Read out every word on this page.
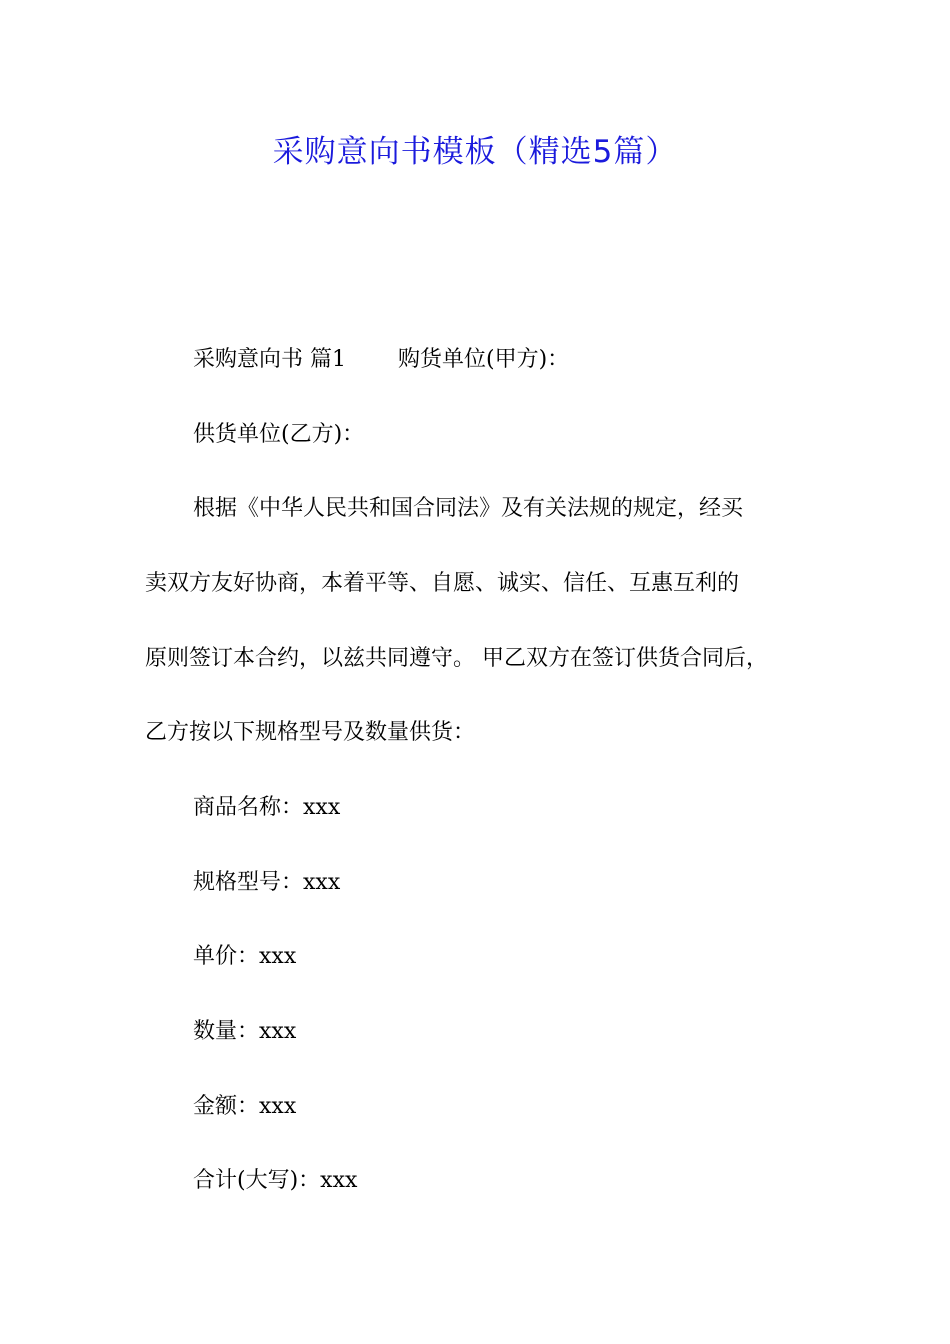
采购意向书模板（精选5篇）

采购意向书 篇1 购货单位(甲方)：

供货单位(乙方)：

根据《中华人民共和国合同法》及有关法规的规定，经买

卖双方友好协商，本着平等、自愿、诚实、信任、互惠互利的

原则签订本合约，以兹共同遵守。 甲乙双方在签订供货合同后，

乙方按以下规格型号及数量供货：

商品名称：xxx

规格型号：xxx

单价：xxx

数量：xxx

金额：xxx

合计(大写)：xxx
